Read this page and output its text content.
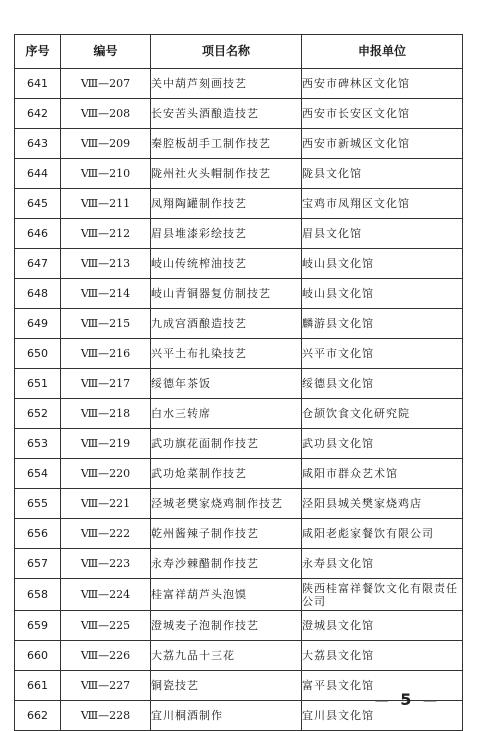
序号	编号	项目名称	申报单位
641	Ⅷ—207	关中葫芦刻画技艺	西安市碑林区文化馆
642	Ⅷ—208	长安苦头酒酿造技艺	西安市长安区文化馆
643	Ⅷ—209	秦腔板胡手工制作技艺	西安市新城区文化馆
644	Ⅷ—210	陇州社火头帽制作技艺	陇县文化馆
645	Ⅷ—211	凤翔陶罐制作技艺	宝鸡市凤翔区文化馆
646	Ⅷ—212	眉县堆漆彩绘技艺	眉县文化馆
647	Ⅷ—213	岐山传统榨油技艺	岐山县文化馆
648	Ⅷ—214	岐山青铜器复仿制技艺	岐山县文化馆
649	Ⅷ—215	九成宫酒酿造技艺	麟游县文化馆
650	Ⅷ—216	兴平土布扎染技艺	兴平市文化馆
651	Ⅷ—217	绥德年茶饭	绥德县文化馆
652	Ⅷ—218	白水三转席	仓颉饮食文化研究院
653	Ⅷ—219	武功旗花面制作技艺	武功县文化馆
654	Ⅷ—220	武功炝菜制作技艺	咸阳市群众艺术馆
655	Ⅷ—221	泾城老樊家烧鸡制作技艺	泾阳县城关樊家烧鸡店
656	Ⅷ—222	乾州酱辣子制作技艺	咸阳老彪家餐饮有限公司
657	Ⅷ—223	永寿沙棘醋制作技艺	永寿县文化馆
658	Ⅷ—224	桂富祥葫芦头泡馍	陕西桂富祥餐饮文化有限责任公司
659	Ⅷ—225	澄城麦子泡制作技艺	澄城县文化馆
660	Ⅷ—226	大荔九品十三花	大荔县文化馆
661	Ⅷ—227	铜瓷技艺	富平县文化馆
662	Ⅷ—228	宜川桐酒制作	宜川县文化馆
— 5 —
